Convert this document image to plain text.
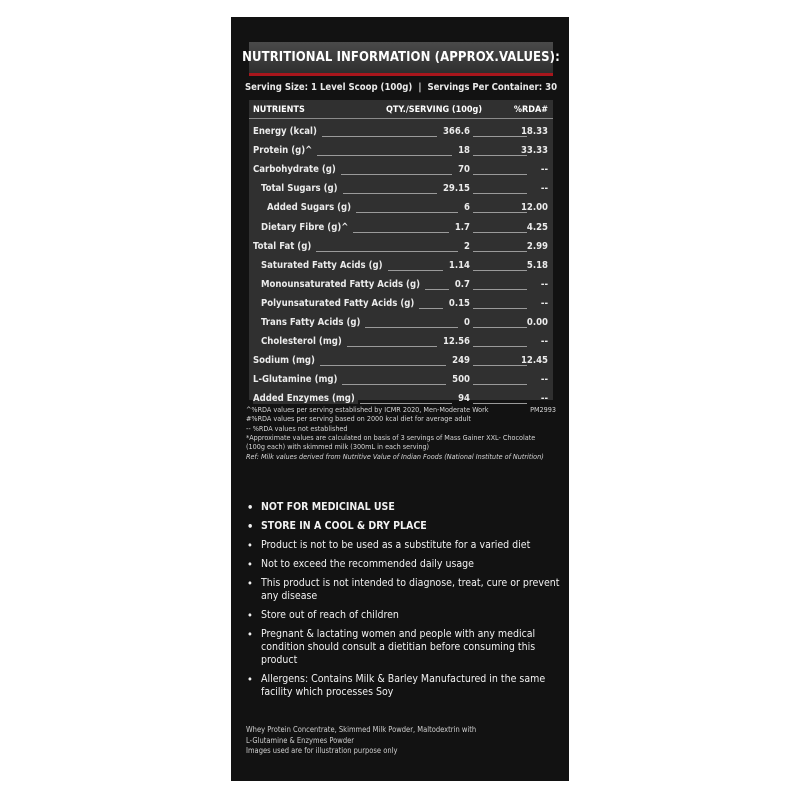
NUTRITIONAL INFORMATION (APPROX.VALUES):
Serving Size: 1 Level Scoop (100g) | Servings Per Container: 30
NUTRIENTS	QTY./SERVING (100g)	%RDA#
Energy (kcal)	366.6	18.33
Protein (g)^	18	33.33
Carbohydrate (g)	70	--
Total Sugars (g)	29.15	--
Added Sugars (g)	6	12.00
Dietary Fibre (g)^	1.7	4.25
Total Fat (g)	2	2.99
Saturated Fatty Acids (g)	1.14	5.18
Monounsaturated Fatty Acids (g)	0.7	--
Polyunsaturated Fatty Acids (g)	0.15	--
Trans Fatty Acids (g)	0	0.00
Cholesterol (mg)	12.56	--
Sodium (mg)	249	12.45
L-Glutamine (mg)	500	--
Added Enzymes (mg)	94	--
PM2993
^%RDA values per serving established by ICMR 2020, Men-Moderate Work
#%RDA values per serving based on 2000 kcal diet for average adult
-- %RDA values not established
*Approximate values are calculated on basis of 3 servings of Mass Gainer XXL- Chocolate
(100g each) with skimmed milk (300mL in each serving)
Ref: Milk values derived from Nutritive Value of Indian Foods (National Institute of Nutrition)
• NOT FOR MEDICINAL USE
• STORE IN A COOL & DRY PLACE
• Product is not to be used as a substitute for a varied diet
• Not to exceed the recommended daily usage
• This product is not intended to diagnose, treat, cure or prevent any disease
• Store out of reach of children
• Pregnant & lactating women and people with any medical condition should consult a dietitian before consuming this product
• Allergens: Contains Milk & Barley Manufactured in the same facility which processes Soy
Whey Protein Concentrate, Skimmed Milk Powder, Maltodextrin with
L-Glutamine & Enzymes Powder
Images used are for illustration purpose only
